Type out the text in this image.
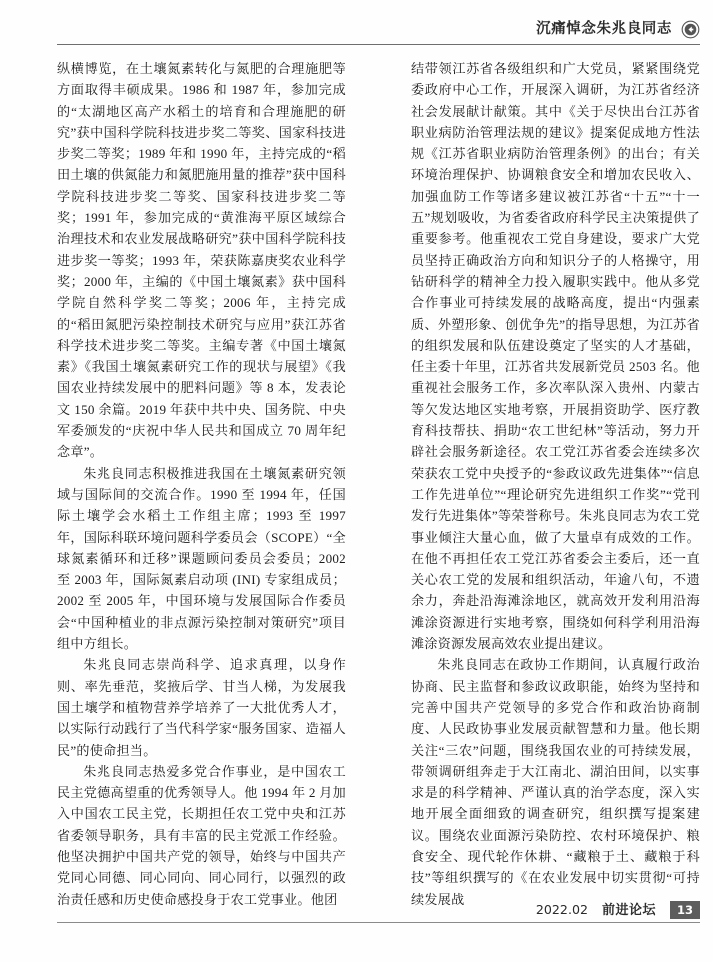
沉痛悼念朱兆良同志

纵横博览，在土壤氮素转化与氮肥的合理施肥等方面取得丰硕成果。1986 和 1987 年，参加完成的“太湖地区高产水稻土的培育和合理施肥的研究”获中国科学院科技进步奖二等奖、国家科技进步奖二等奖；1989 年和 1990 年，主持完成的“稻田土壤的供氮能力和氮肥施用量的推荐”获中国科学院科技进步奖二等奖、国家科技进步奖二等奖；1991 年，参加完成的“黄淮海平原区域综合治理技术和农业发展战略研究”获中国科学院科技进步奖一等奖；1993 年，荣获陈嘉庚奖农业科学奖；2000 年，主编的《中国土壤氮素》获中国科学院自然科学奖二等奖；2006 年，主持完成的“稻田氮肥污染控制技术研究与应用”获江苏省科学技术进步奖二等奖。主编专著《中国土壤氮素》《我国土壤氮素研究工作的现状与展望》《我国农业持续发展中的肥料问题》等 8 本，发表论文 150 余篇。2019 年获中共中央、国务院、中央军委颁发的“庆祝中华人民共和国成立 70 周年纪念章”。

朱兆良同志积极推进我国在土壤氮素研究领域与国际间的交流合作。1990 至 1994 年，任国际土壤学会水稻土工作组主席；1993 至 1997 年，国际科联环境问题科学委员会（SCOPE）“全球氮素循环和迁移”课题顾问委员会委员；2002 至 2003 年，国际氮素启动项 (INI) 专家组成员；2002 至 2005 年，中国环境与发展国际合作委员会“中国种植业的非点源污染控制对策研究”项目组中方组长。

朱兆良同志崇尚科学、追求真理，以身作则、率先垂范，奖掖后学、甘当人梯，为发展我国土壤学和植物营养学培养了一大批优秀人才，以实际行动践行了当代科学家“服务国家、造福人民”的使命担当。

朱兆良同志热爱多党合作事业，是中国农工民主党德高望重的优秀领导人。他 1994 年 2 月加入中国农工民主党，长期担任农工党中央和江苏省委领导职务，具有丰富的民主党派工作经验。他坚决拥护中国共产党的领导，始终与中国共产党同心同德、同心同向、同心同行，以强烈的政治责任感和历史使命感投身于农工党事业。他团

结带领江苏省各级组织和广大党员，紧紧围绕党委政府中心工作，开展深入调研，为江苏省经济社会发展献计献策。其中《关于尽快出台江苏省职业病防治管理法规的建议》提案促成地方性法规《江苏省职业病防治管理条例》的出台；有关环境治理保护、协调粮食安全和增加农民收入、加强血防工作等诸多建议被江苏省“十五”“十一五”规划吸收，为省委省政府科学民主决策提供了重要参考。他重视农工党自身建设，要求广大党员坚持正确政治方向和知识分子的人格操守，用钻研科学的精神全力投入履职实践中。他从多党合作事业可持续发展的战略高度，提出“内强素质、外塑形象、创优争先”的指导思想，为江苏省的组织发展和队伍建设奠定了坚实的人才基础，任主委十年里，江苏省共发展新党员 2503 名。他重视社会服务工作，多次率队深入贵州、内蒙古等欠发达地区实地考察，开展捐资助学、医疗教育科技帮扶、捐助“农工世纪林”等活动，努力开辟社会服务新途径。农工党江苏省委会连续多次荣获农工党中央授予的“参政议政先进集体”“信息工作先进单位”“理论研究先进组织工作奖”“党刊发行先进集体”等荣誉称号。朱兆良同志为农工党事业倾注大量心血，做了大量卓有成效的工作。在他不再担任农工党江苏省委会主委后，还一直关心农工党的发展和组织活动，年逾八旬，不遗余力，奔赴沿海滩涂地区，就高效开发利用沿海滩涂资源进行实地考察，围绕如何科学利用沿海滩涂资源发展高效农业提出建议。

朱兆良同志在政协工作期间，认真履行政治协商、民主监督和参政议政职能，始终为坚持和完善中国共产党领导的多党合作和政治协商制度、人民政协事业发展贡献智慧和力量。他长期关注“三农”问题，围绕我国农业的可持续发展，带领调研组奔走于大江南北、湖泊田间，以实事求是的科学精神、严谨认真的治学态度，深入实地开展全面细致的调查研究，组织撰写提案建议。围绕农业面源污染防控、农村环境保护、粮食安全、现代轮作休耕、“藏粮于土、藏粮于科技”等组织撰写的《在农业发展中切实贯彻“可持续发展战

2022.02 前进论坛	13
